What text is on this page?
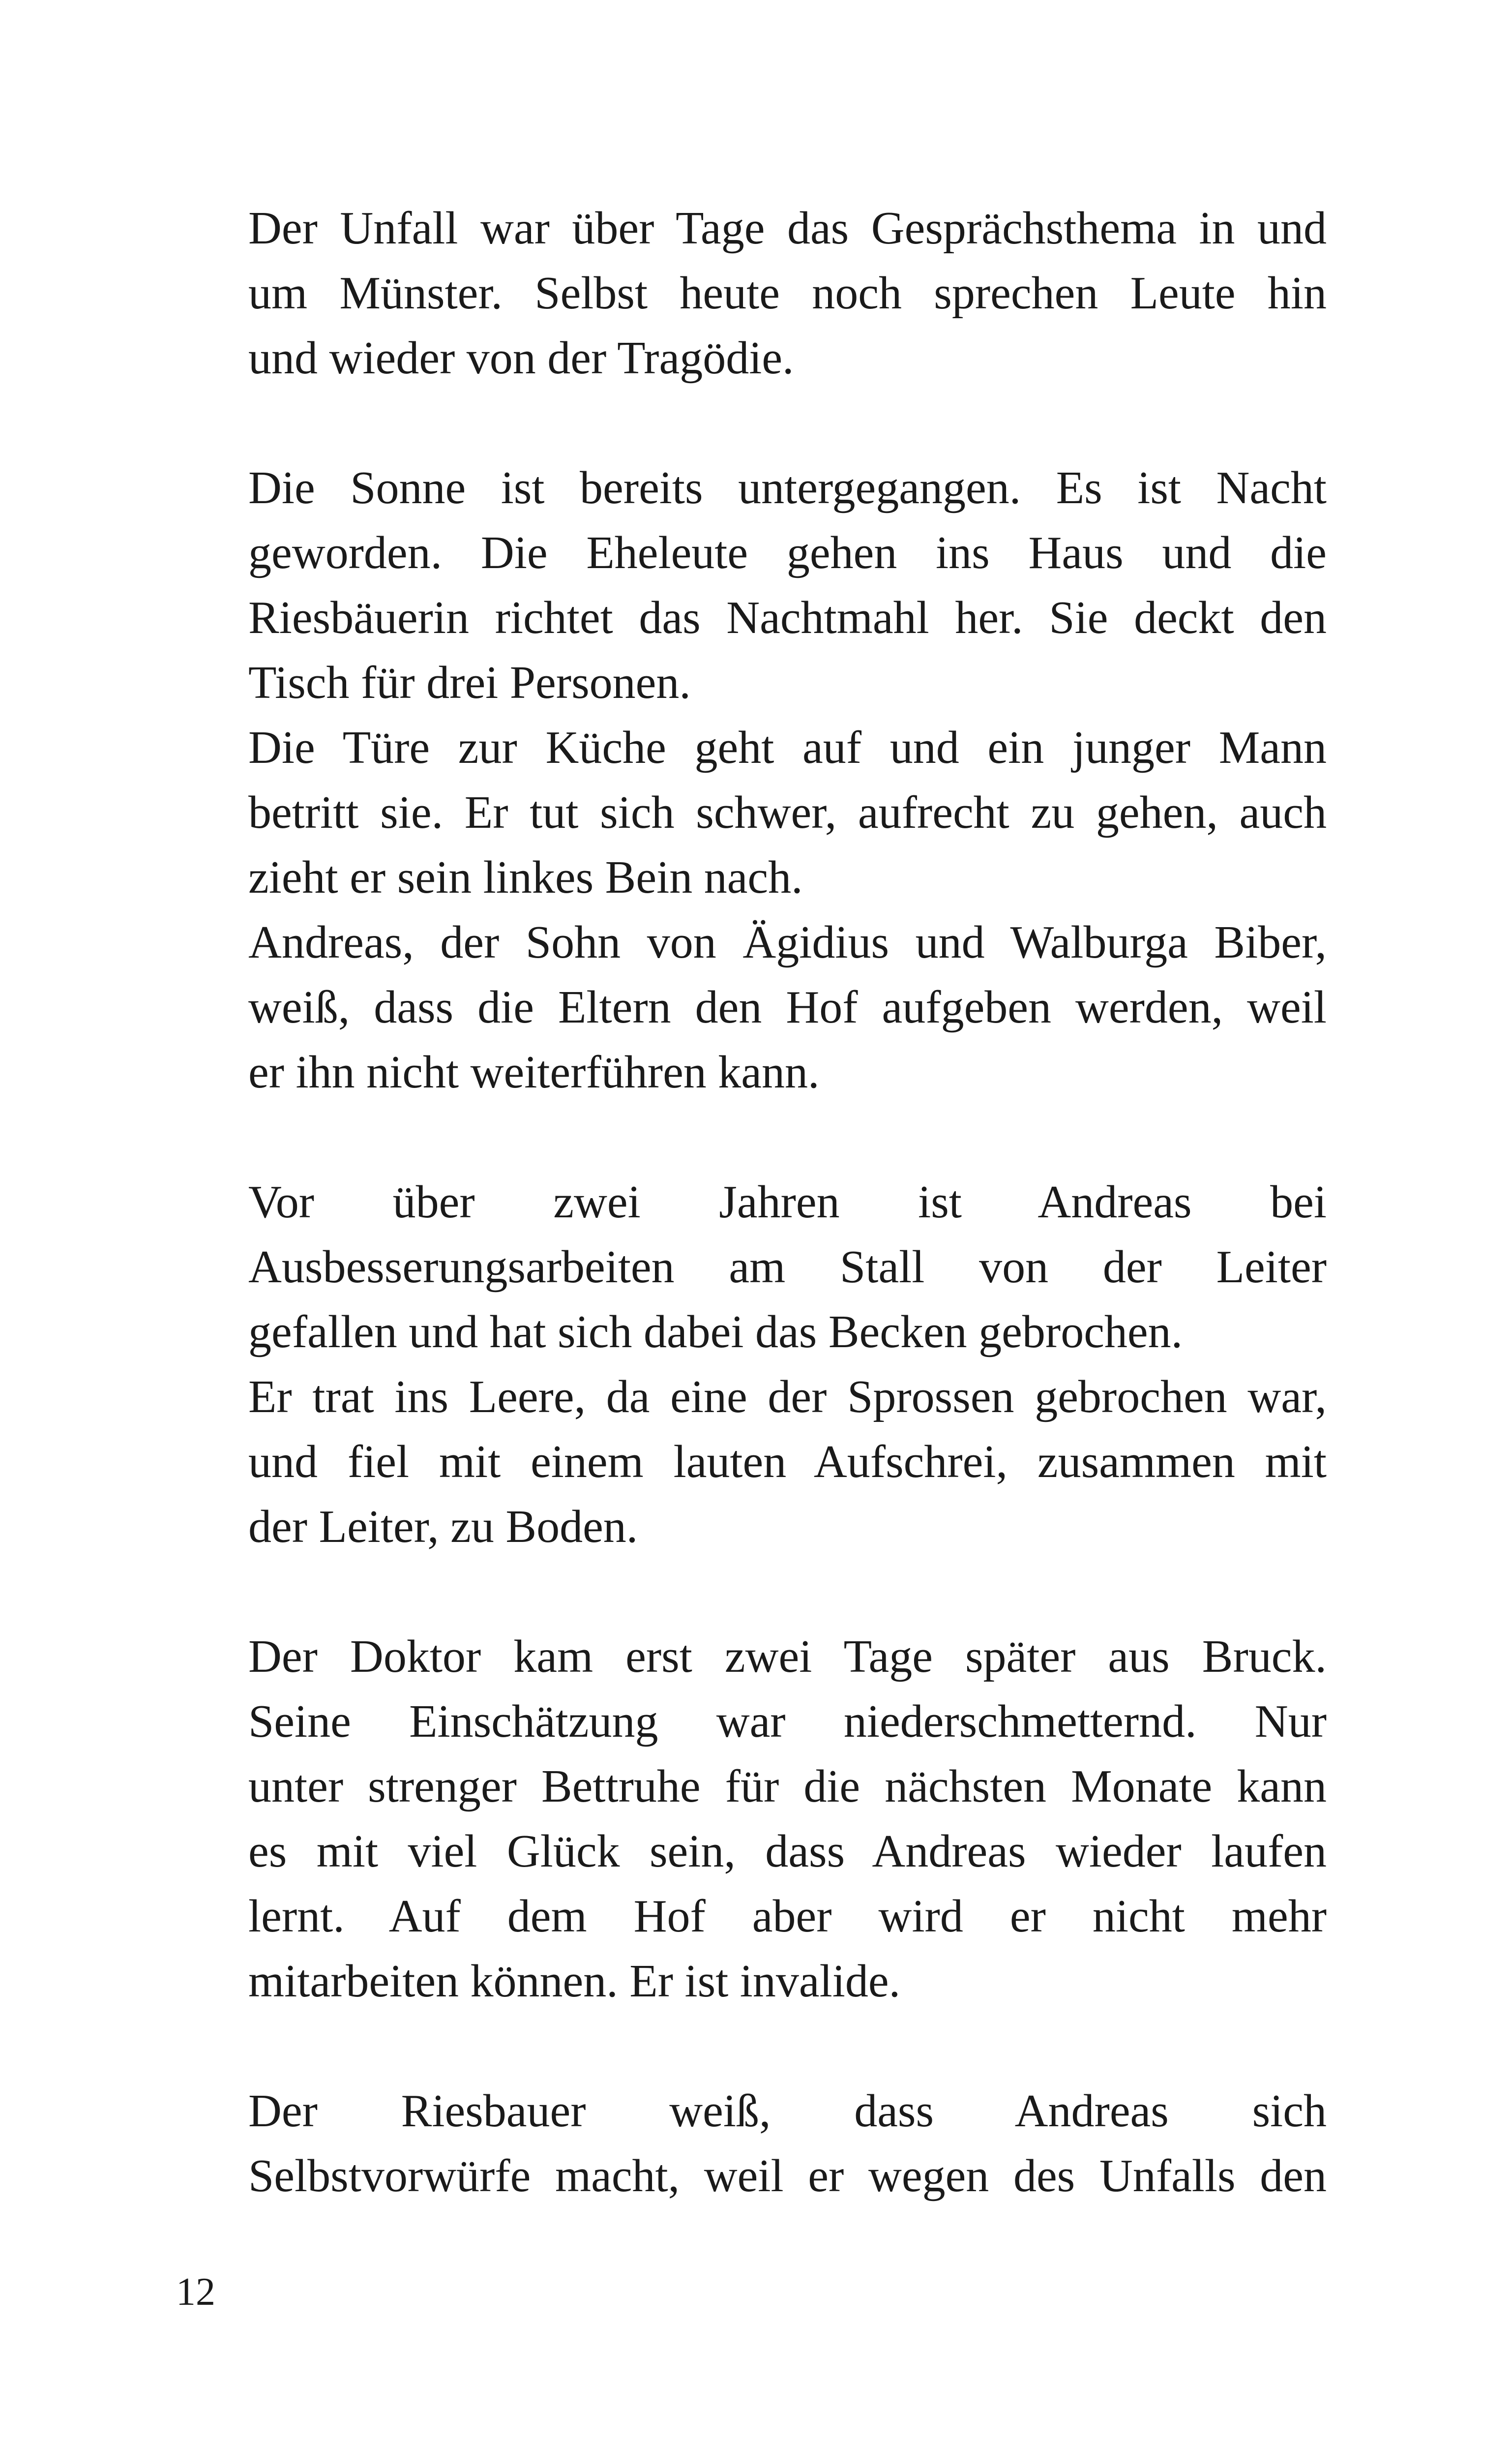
Der Unfall war über Tage das Gesprächsthema in und
um Münster. Selbst heute noch sprechen Leute hin
und wieder von der Tragödie.
Die Sonne ist bereits untergegangen. Es ist Nacht
geworden. Die Eheleute gehen ins Haus und die
Riesbäuerin richtet das Nachtmahl her. Sie deckt den
Tisch für drei Personen.
Die Türe zur Küche geht auf und ein junger Mann
betritt sie. Er tut sich schwer, aufrecht zu gehen, auch
zieht er sein linkes Bein nach.
Andreas, der Sohn von Ägidius und Walburga Biber,
weiß, dass die Eltern den Hof aufgeben werden, weil
er ihn nicht weiterführen kann.
Vor über zwei Jahren ist Andreas bei
Ausbesserungsarbeiten am Stall von der Leiter
gefallen und hat sich dabei das Becken gebrochen.
Er trat ins Leere, da eine der Sprossen gebrochen war,
und fiel mit einem lauten Aufschrei, zusammen mit
der Leiter, zu Boden.
Der Doktor kam erst zwei Tage später aus Bruck.
Seine Einschätzung war niederschmetternd. Nur
unter strenger Bettruhe für die nächsten Monate kann
es mit viel Glück sein, dass Andreas wieder laufen
lernt. Auf dem Hof aber wird er nicht mehr
mitarbeiten können. Er ist invalide.
Der Riesbauer weiß, dass Andreas sich
Selbstvorwürfe macht, weil er wegen des Unfalls den
12
